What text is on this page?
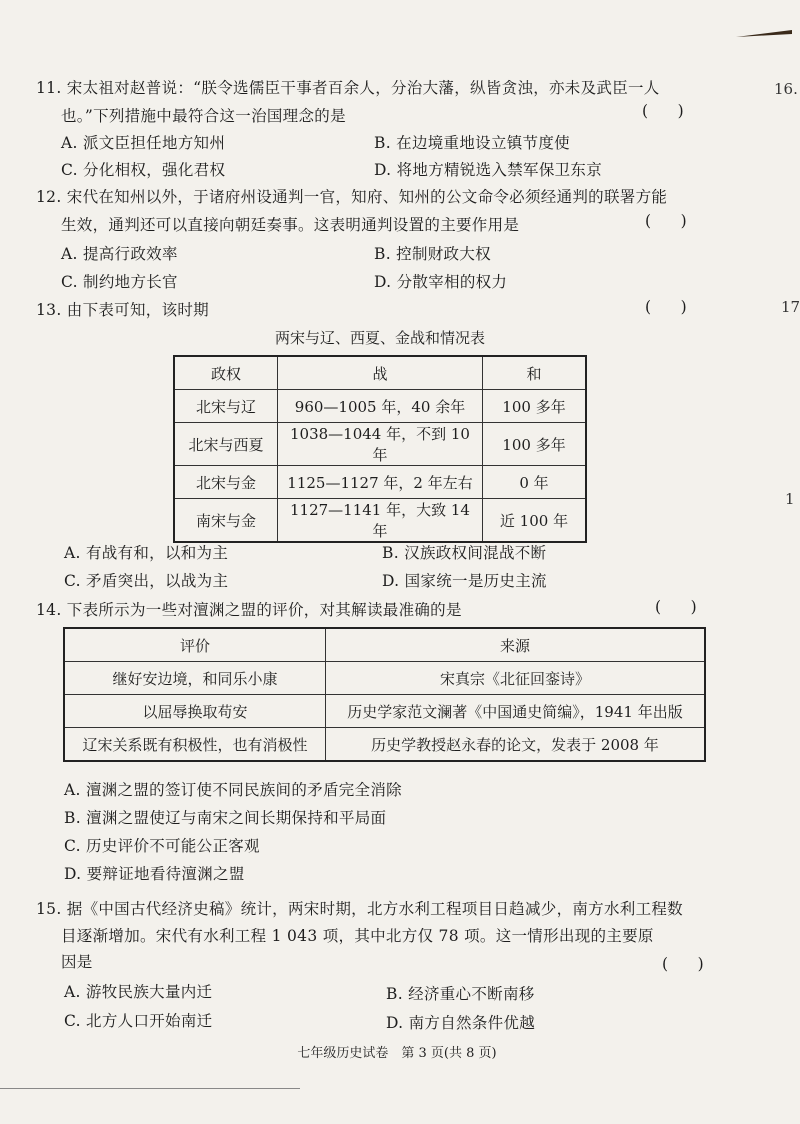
11. 宋太祖对赵普说：“朕令选儒臣干事者百余人，分治大藩，纵皆贪浊，亦未及武臣一人
也。”下列措施中最符合这一治国理念的是	(      )
A. 派文臣担任地方知州	B. 在边境重地设立镇节度使
C. 分化相权，强化君权	D. 将地方精锐选入禁军保卫东京
12. 宋代在知州以外，于诸府州设通判一官，知府、知州的公文命令必须经通判的联署方能
生效，通判还可以直接向朝廷奏事。这表明通判设置的主要作用是	(      )
A. 提高行政效率	B. 控制财政大权
C. 制约地方长官	D. 分散宰相的权力
13. 由下表可知，该时期	(      )
两宋与辽、西夏、金战和情况表
政权	战	和
北宋与辽	960—1005 年，40 余年	100 多年
北宋与西夏	1038—1044 年，不到 10 年	100 多年
北宋与金	1125—1127 年，2 年左右	0 年
南宋与金	1127—1141 年，大致 14 年	近 100 年
A. 有战有和，以和为主	B. 汉族政权间混战不断
C. 矛盾突出，以战为主	D. 国家统一是历史主流
14. 下表所示为一些对澶渊之盟的评价，对其解读最准确的是	(      )
评价	来源
继好安边境，和同乐小康	宋真宗《北征回銮诗》
以屈辱换取苟安	历史学家范文澜著《中国通史简编》，1941 年出版
辽宋关系既有积极性，也有消极性	历史学教授赵永春的论文，发表于 2008 年
A. 澶渊之盟的签订使不同民族间的矛盾完全消除
B. 澶渊之盟使辽与南宋之间长期保持和平局面
C. 历史评价不可能公正客观
D. 要辩证地看待澶渊之盟
15. 据《中国古代经济史稿》统计，两宋时期，北方水利工程项目日趋减少，南方水利工程数
目逐渐增加。宋代有水利工程 1 043 项，其中北方仅 78 项。这一情形出现的主要原
因是	(      )
A. 游牧民族大量内迁	B. 经济重心不断南移
C. 北方人口开始南迁	D. 南方自然条件优越
16.
17
1
七年级历史试卷　第 3 页(共 8 页)
